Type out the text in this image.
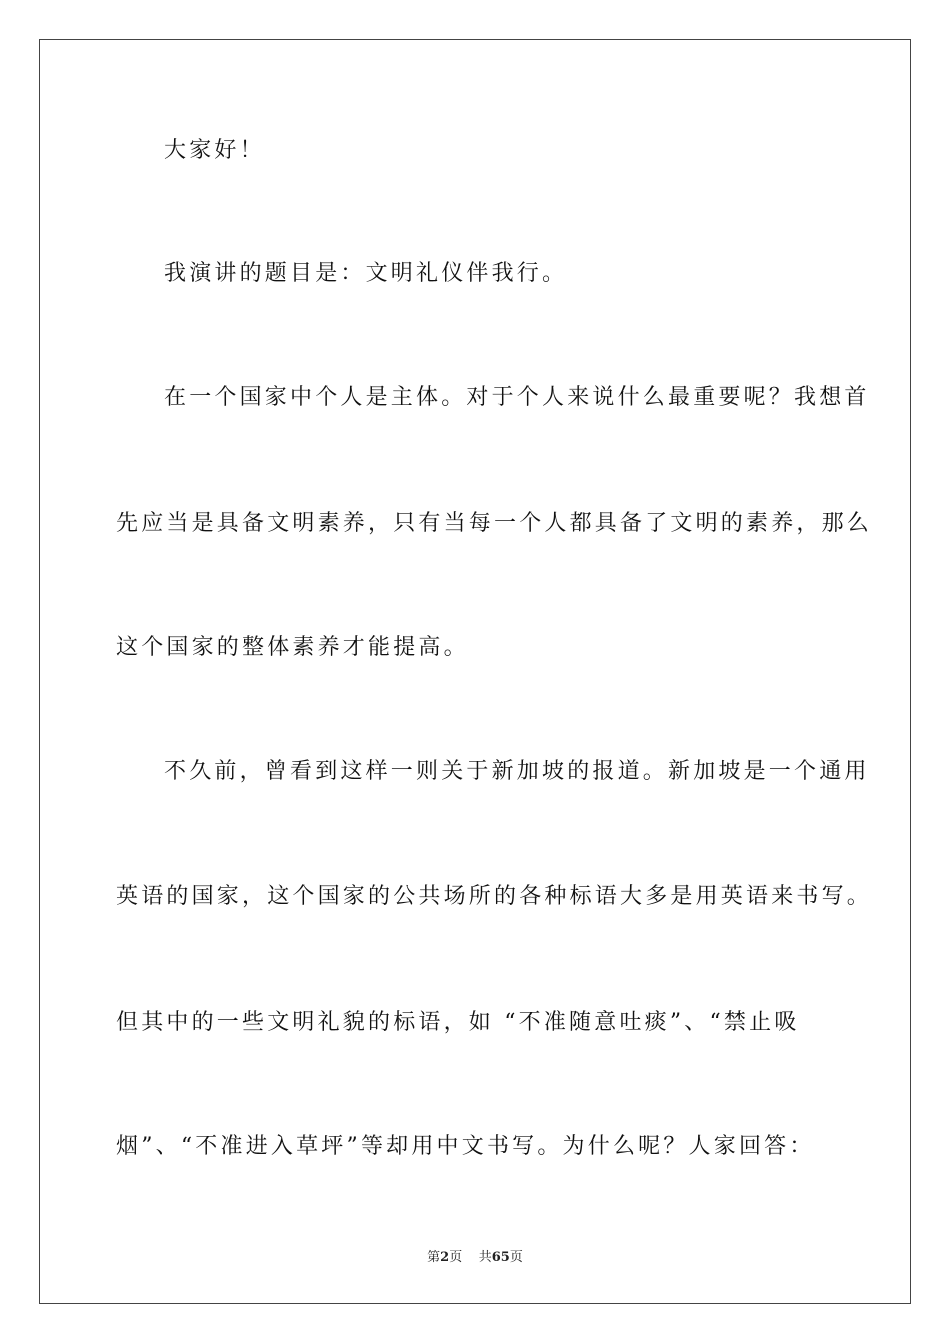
大家好！
我演讲的题目是：文明礼仪伴我行。
在一个国家中个人是主体。对于个人来说什么最重要呢？我想首
先应当是具备文明素养，只有当每一个人都具备了文明的素养，那么
这个国家的整体素养才能提高。
不久前，曾看到这样一则关于新加坡的报道。新加坡是一个通用
英语的国家，这个国家的公共场所的各种标语大多是用英语来书写。
但其中的一些文明礼貌的标语，如 “不准随意吐痰”、“禁止吸
烟”、“不准进入草坪”等却用中文书写。为什么呢？人家回答：
第2页 共65页
